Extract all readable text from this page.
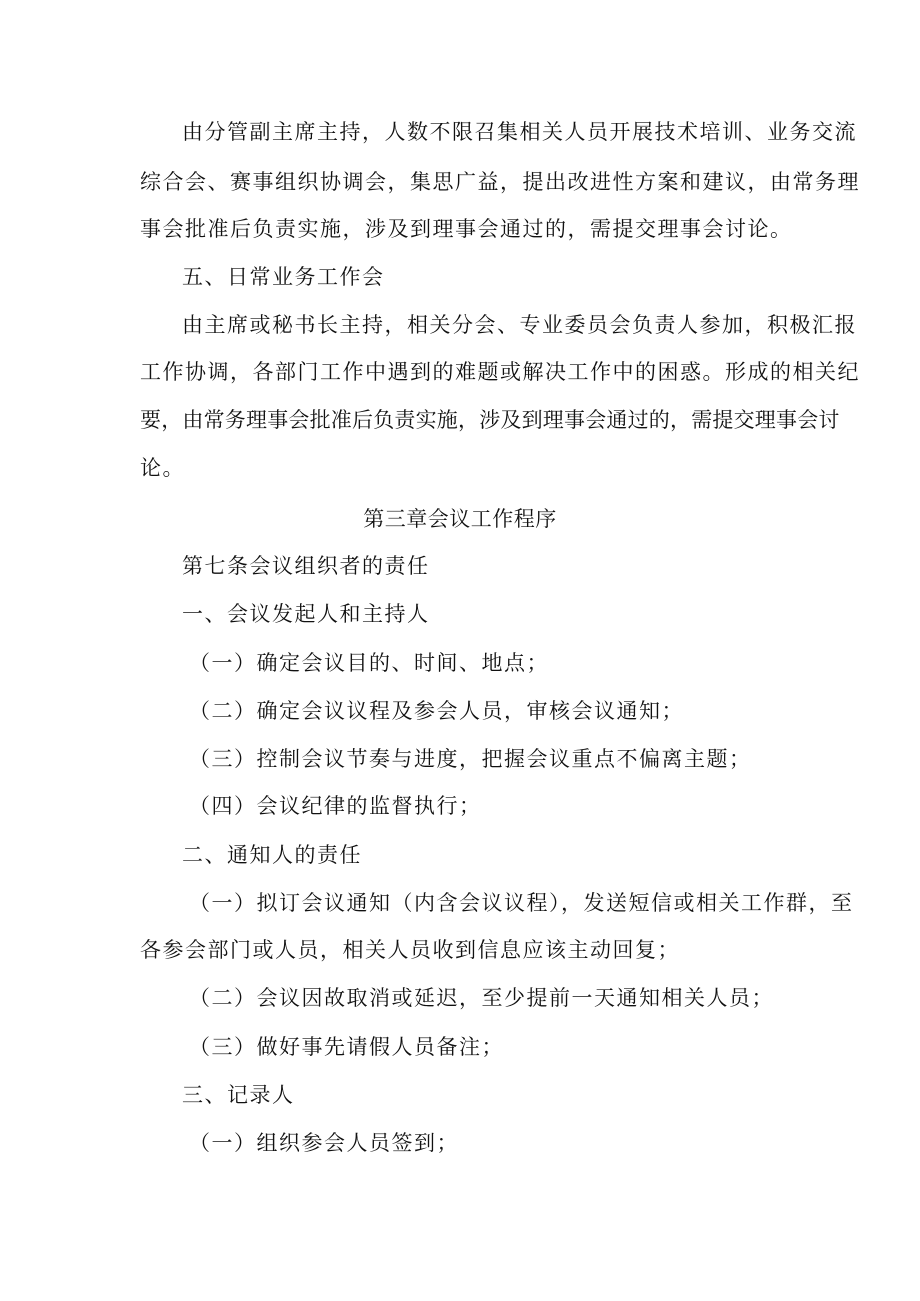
由分管副主席主持，人数不限召集相关人员开展技术培训、业务交流
综合会、赛事组织协调会，集思广益，提出改进性方案和建议，由常务理
事会批准后负责实施，涉及到理事会通过的，需提交理事会讨论。
五、日常业务工作会
由主席或秘书长主持，相关分会、专业委员会负责人参加，积极汇报
工作协调，各部门工作中遇到的难题或解决工作中的困惑。形成的相关纪
要，由常务理事会批准后负责实施，涉及到理事会通过的，需提交理事会讨
论。
第三章会议工作程序
第七条会议组织者的责任
一、会议发起人和主持人
（一）确定会议目的、时间、地点；
（二）确定会议议程及参会人员，审核会议通知；
（三）控制会议节奏与进度，把握会议重点不偏离主题；
（四）会议纪律的监督执行；
二、通知人的责任
（一）拟订会议通知（内含会议议程），发送短信或相关工作群，至
各参会部门或人员，相关人员收到信息应该主动回复；
（二）会议因故取消或延迟，至少提前一天通知相关人员；
（三）做好事先请假人员备注；
三、记录人
（一）组织参会人员签到；
